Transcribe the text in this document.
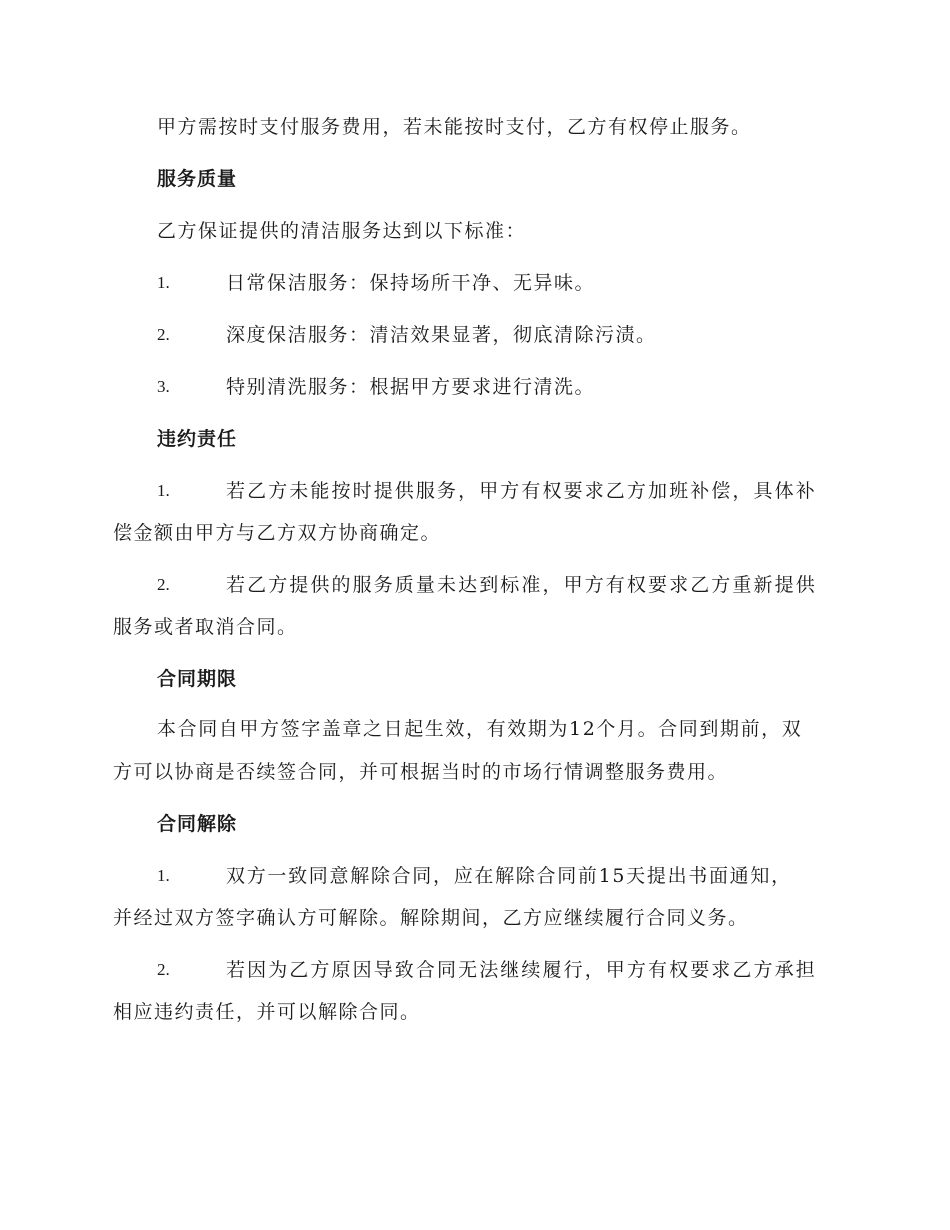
甲方需按时支付服务费用，若未能按时支付，乙方有权停止服务。
服务质量
乙方保证提供的清洁服务达到以下标准：
1.	日常保洁服务：保持场所干净、无异味。
2.	深度保洁服务：清洁效果显著，彻底清除污渍。
3.	特别清洗服务：根据甲方要求进行清洗。
违约责任
1.	若乙方未能按时提供服务，甲方有权要求乙方加班补偿，具体补
偿金额由甲方与乙方双方协商确定。
2.	若乙方提供的服务质量未达到标准，甲方有权要求乙方重新提供
服务或者取消合同。
合同期限
本合同自甲方签字盖章之日起生效，有效期为12个月。合同到期前，双
方可以协商是否续签合同，并可根据当时的市场行情调整服务费用。
合同解除
1.	双方一致同意解除合同，应在解除合同前15天提出书面通知，
并经过双方签字确认方可解除。解除期间，乙方应继续履行合同义务。
2.	若因为乙方原因导致合同无法继续履行，甲方有权要求乙方承担
相应违约责任，并可以解除合同。
